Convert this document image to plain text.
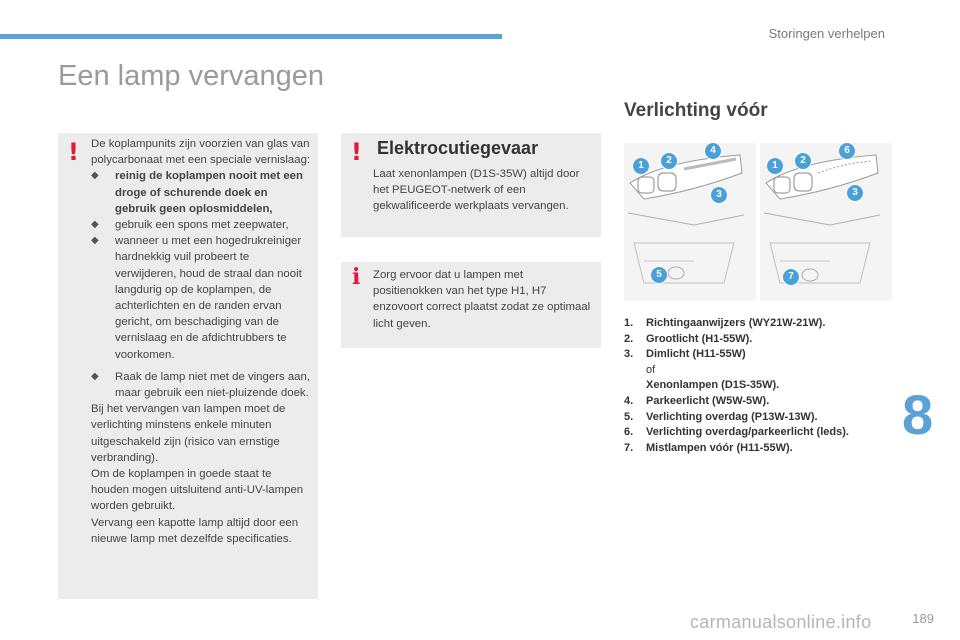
Storingen verhelpen
Een lamp vervangen
! De koplampunits zijn voorzien van glas van polycarbonaat met een speciale vernislaag:

◆ reinig de koplampen nooit met een droge of schurende doek en gebruik geen oplosmiddelen,
◆ gebruik een spons met zeepwater,
◆ wanneer u met een hogedrukreiniger hardnekkig vuil probeert te verwijderen, houd de straal dan nooit langdurig op de koplampen, de achterlichten en de randen ervan gericht, om beschadiging van de vernislaag en de afdichtrubbers te voorkomen.
◆ Raak de lamp niet met de vingers aan, maar gebruik een niet-pluizende doek.

Bij het vervangen van lampen moet de verlichting minstens enkele minuten uitgeschakeld zijn (risico van ernstige verbranding).

Om de koplampen in goede staat te houden mogen uitsluitend anti-UV-lampen worden gebruikt.

Vervang een kapotte lamp altijd door een nieuwe lamp met dezelfde specificaties.

! Elektrocutiegevaar
Laat xenonlampen (D1S-35W) altijd door het PEUGEOT-netwerk of een gekwalificeerde werkplaats vervangen.
i Zorg ervoor dat u lampen met positienokken van het type H1, H7 enzovoort correct plaatst zodat ze optimaal licht geven.
Verlichting vóór
1	2
4
3
5
1	2
6
3
7
1.	Richtingaanwijzers (WY21W-21W).
2.	Grootlicht (H1-55W).
3.	Dimlicht (H11-55W)
of
Xenonlampen (D1S-35W).
4.	Parkeerlicht (W5W-5W).
5.	Verlichting overdag (P13W-13W).
6.	Verlichting overdag/parkeerlicht (leds).
7.	Mistlampen vóór (H11-55W).
8
carmanualsonline.info	189
